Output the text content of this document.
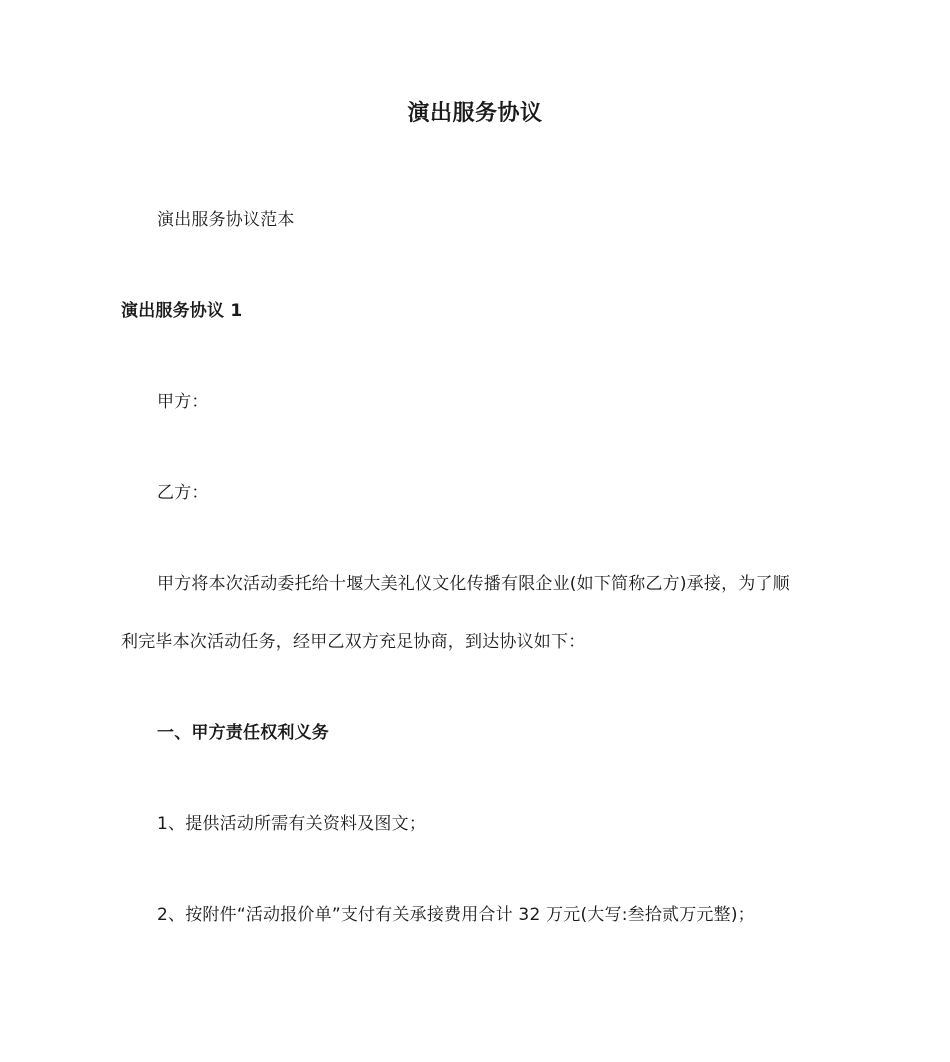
演出服务协议
演出服务协议范本
演出服务协议 1
甲方：
乙方：
甲方将本次活动委托给十堰大美礼仪文化传播有限企业(如下简称乙方)承接，为了顺
利完毕本次活动任务，经甲乙双方充足协商，到达协议如下：
一、甲方责任权利义务
1、提供活动所需有关资料及图文；
2、按附件“活动报价单”支付有关承接费用合计 32 万元(大写:叁拾贰万元整)；
